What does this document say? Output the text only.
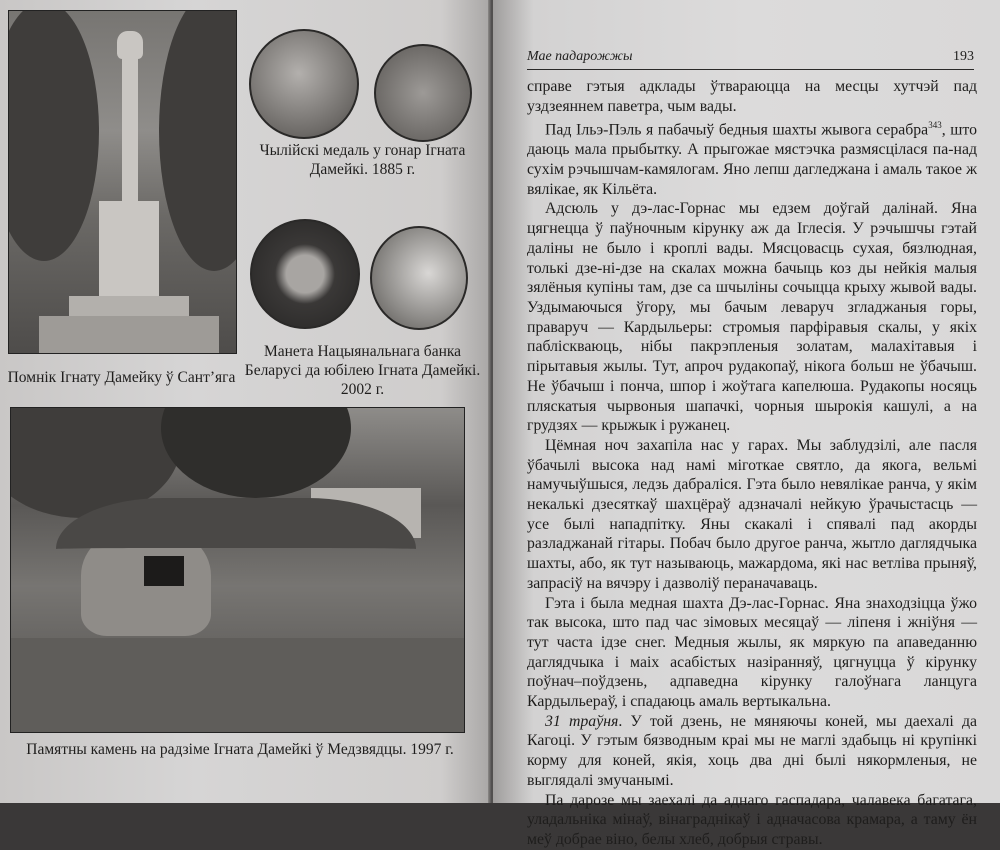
Чылійскі медаль у гонар Ігната Дамейкі. 1885 г.
Манета Нацыянальнага банка Беларусі да юбілею Ігната Дамейкі. 2002 г.
Помнік Ігнату Дамейку ў Сант’яга
Памятны камень на радзіме Ігната Дамейкі ў Медзвядцы. 1997 г.
Мае падарожжы	193

справе гэтыя адклады ўтвараюцца на месцы хутчэй пад уздзеяннем паветра, чым вады.

Пад Ільэ-Пэль я пабачыў бедныя шахты жывога серабра$^{343}$, што даюць мала прыбытку. А прыгожае мястэчка размясцілася па-над сухім рэчышчам-камялогам. Яно лепш дагледжана і амаль такое ж вялікае, як Кільёта.

Адсюль у дэ-лас-Горнас мы едзем доўгай далінай. Яна цягнецца ў паўночным кірунку аж да Іглесія. У рэчышчы гэтай даліны не было і кроплі вады. Мясцовасць сухая, бязлюдная, толькі дзе-ні-дзе на скалах можна бачыць коз ды нейкія малыя зялёныя купіны там, дзе са шчыліны сочыцца крыху жывой вады. Уздымаючыся ўгору, мы бачым леваруч згладжаныя горы, праваруч — Кардыльеры: стромыя парфіравыя скалы, у якіх пабліскваюць, нібы пакрэпленыя золатам, малахітавыя і пірытавыя жылы. Тут, апроч рудакопаў, нікога больш не ўбачыш. Не ўбачыш і пончa, шпор і жоўтага капелюша. Рудакопы носяць пляскатыя чырвоныя шапачкі, чорныя шырокія кашулі, а на грудзях — крыжык і ружанец.

Цёмная ноч захапіла нас у гарах. Мы заблудзілі, але пасля ўбачылі высока над намі міготкае святло, да якога, вельмі намучыўшыся, ледзь дабраліся. Гэта было невялікае ранча, у якім некалькі дзесяткаў шахцёраў адзначалі нейкую ўрачыстасць — усе былі нападпітку. Яны скакалі і спявалі пад акорды разладжанай гітары. Побач было другое ранча, жытло даглядчыка шахты, або, як тут называюць, мажардома, які нас ветліва прыняў, запрасіў на вячэру і дазволіў пераначаваць.

Гэта і была медная шахта Дэ-лас-Горнас. Яна знаходзіцца ўжо так высока, што пад час зімовых месяцаў — ліпеня і жніўня — тут часта ідзе снег. Медныя жылы, як мяркую па апаведанню даглядчыка і маіх асабістых назіранняў, цягнуцца ў кірунку поўнач–поўдзень, адпаведна кірунку галоўнага ланцуга Кардыльераў, і спадаюць амаль вертыкальна.

31 траўня. У той дзень, не мяняючы коней, мы даехалі да Кагоці. У гэтым бязводным краі мы не маглі здабыць ні крупінкі корму для коней, якія, хоць два дні былі някормленыя, не выглядалі змучанымі.

Па дарозе мы заехалі да аднаго гаспадара, чалавека багатага, уладальніка мінаў, вінаграднікаў і адначасова крамара, а таму ён меў добрае віно, белы хлеб, добрыя стравы.
